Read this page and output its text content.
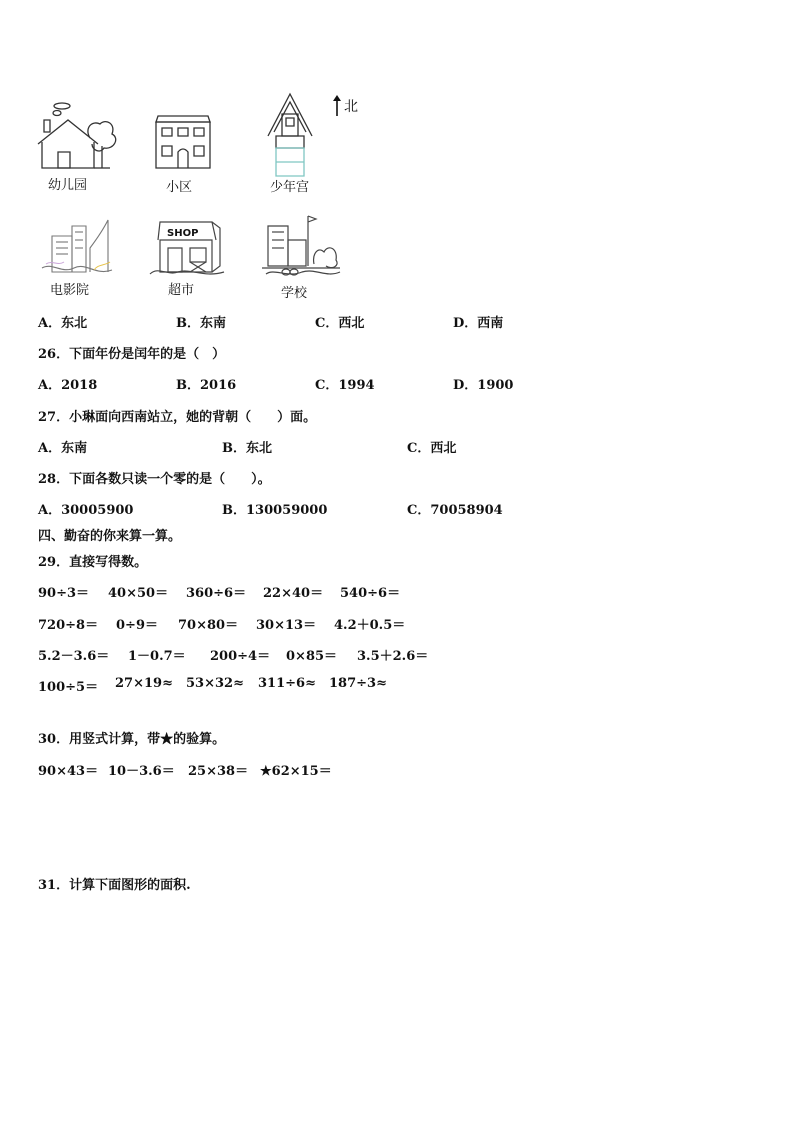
幼儿园	小区	少年宫
北
电影院
SHOP
超市	学校
A．东北	B．东南	C．西北	D．西南
26．下面年份是闰年的是（　）
A．2018	B．2016	C．1994	D．1900
27．小琳面向西南站立，她的背朝（　　）面。
A．东南	B．东北	C．西北
28．下面各数只读一个零的是（　　）。
A．30005900	B．130059000	C．70058904
四、勤奋的你来算一算。
29．直接写得数。
90÷3＝ 40×50＝ 360÷6＝ 22×40＝ 540÷6＝
720÷8＝ 0÷9＝ 70×80＝ 30×13＝ 4.2＋0.5＝
5.2－3.6＝ 1－0.7＝ 200÷4＝ 0×85＝ 3.5＋2.6＝
100÷5＝ 27×19≈ 53×32≈ 311÷6≈ 187÷3≈
30．用竖式计算，带★的验算。
90×43＝ 10－3.6＝ 25×38＝ ★62×15＝
31．计算下面图形的面积.
